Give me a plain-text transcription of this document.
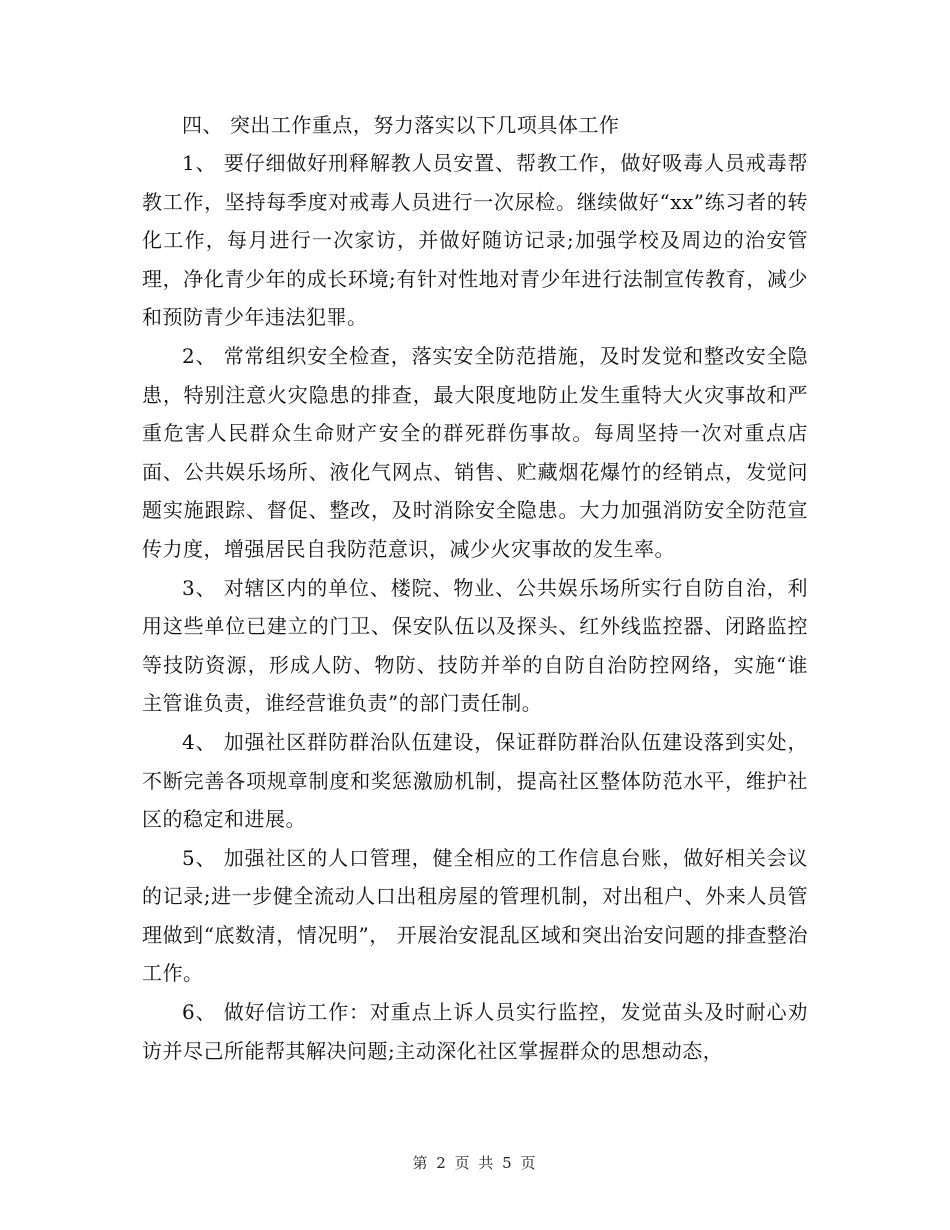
四、 突出工作重点，努力落实以下几项具体工作

1、 要仔细做好刑释解教人员安置、帮教工作，做好吸毒人员戒毒帮教工作，坚持每季度对戒毒人员进行一次尿检。继续做好“xx”练习者的转化工作，每月进行一次家访，并做好随访记录;加强学校及周边的治安管理，净化青少年的成长环境;有针对性地对青少年进行法制宣传教育，减少和预防青少年违法犯罪。

2、 常常组织安全检查，落实安全防范措施，及时发觉和整改安全隐患，特别注意火灾隐患的排查，最大限度地防止发生重特大火灾事故和严重危害人民群众生命财产安全的群死群伤事故。每周坚持一次对重点店面、公共娱乐场所、液化气网点、销售、贮藏烟花爆竹的经销点，发觉问题实施跟踪、督促、整改，及时消除安全隐患。大力加强消防安全防范宣传力度，增强居民自我防范意识，减少火灾事故的发生率。

3、 对辖区内的单位、楼院、物业、公共娱乐场所实行自防自治，利用这些单位已建立的门卫、保安队伍以及探头、红外线监控器、闭路监控等技防资源，形成人防、物防、技防并举的自防自治防控网络，实施“谁主管谁负责，谁经营谁负责”的部门责任制。

4、 加强社区群防群治队伍建设，保证群防群治队伍建设落到实处，不断完善各项规章制度和奖惩激励机制，提高社区整体防范水平，维护社区的稳定和进展。

5、 加强社区的人口管理，健全相应的工作信息台账，做好相关会议的记录;进一步健全流动人口出租房屋的管理机制，对出租户、外来人员管理做到“底数清，情况明”， 开展治安混乱区域和突出治安问题的排查整治工作。

6、 做好信访工作：对重点上诉人员实行监控，发觉苗头及时耐心劝访并尽己所能帮其解决问题;主动深化社区掌握群众的思想动态，

第 2 页 共 5 页
